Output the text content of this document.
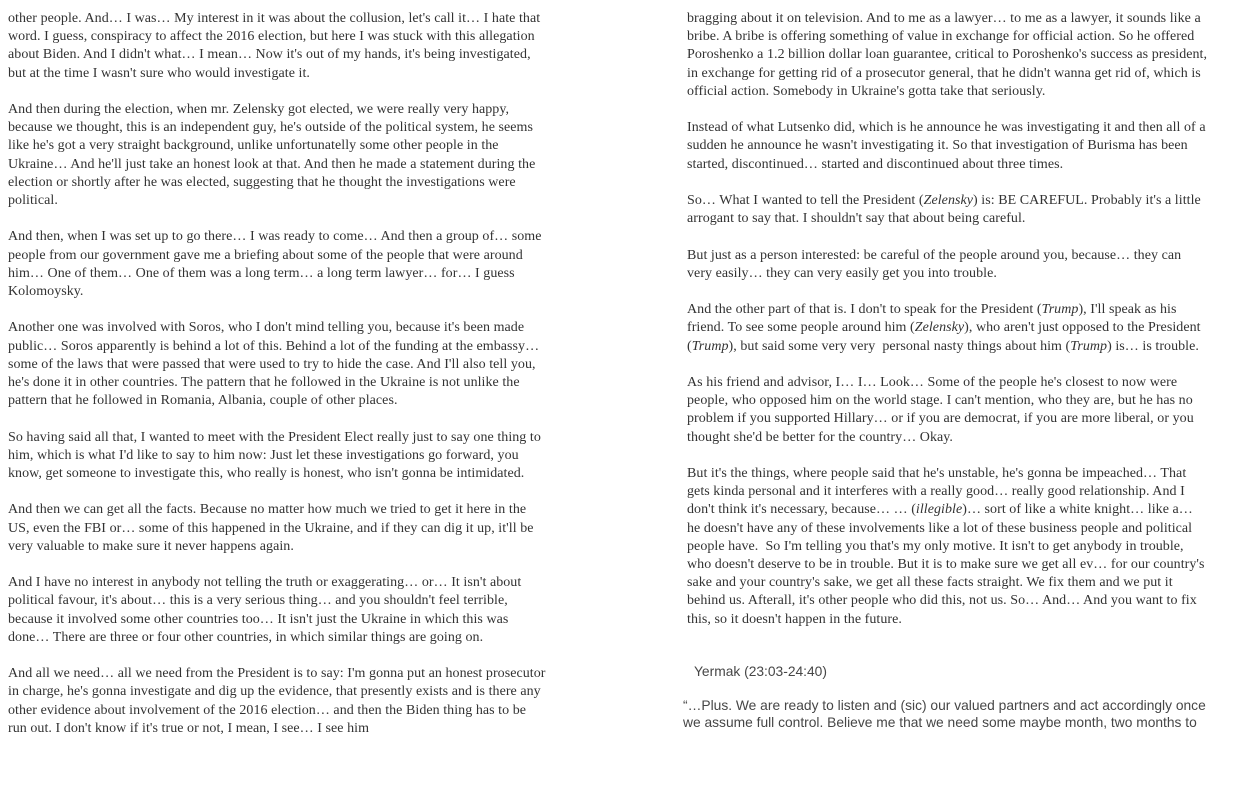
other people. And… I was… My interest in it was about the collusion, let's call it… I hate that word. I guess, conspiracy to affect the 2016 election, but here I was stuck with this allegation about Biden. And I didn't what… I mean… Now it's out of my hands, it's being investigated, but at the time I wasn't sure who would investigate it.

And then during the election, when mr. Zelensky got elected, we were really very happy, because we thought, this is an independent guy, he's outside of the political system, he seems like he's got a very straight background, unlike unfortunatelly some other people in the Ukraine… And he'll just take an honest look at that. And then he made a statement during the election or shortly after he was elected, suggesting that he thought the investigations were political.

And then, when I was set up to go there… I was ready to come… And then a group of… some people from our government gave me a briefing about some of the people that were around him… One of them… One of them was a long term… a long term lawyer… for… I guess Kolomoysky.

Another one was involved with Soros, who I don't mind telling you, because it's been made public… Soros apparently is behind a lot of this. Behind a lot of the funding at the embassy… some of the laws that were passed that were used to try to hide the case. And I'll also tell you, he's done it in other countries. The pattern that he followed in the Ukraine is not unlike the pattern that he followed in Romania, Albania, couple of other places.

So having said all that, I wanted to meet with the President Elect really just to say one thing to him, which is what I'd like to say to him now: Just let these investigations go forward, you know, get someone to investigate this, who really is honest, who isn't gonna be intimidated.

And then we can get all the facts. Because no matter how much we tried to get it here in the US, even the FBI or… some of this happened in the Ukraine, and if they can dig it up, it'll be very valuable to make sure it never happens again.

And I have no interest in anybody not telling the truth or exaggerating… or… It isn't about political favour, it's about… this is a very serious thing… and you shouldn't feel terrible, because it involved some other countries too… It isn't just the Ukraine in which this was done… There are three or four other countries, in which similar things are going on.

And all we need… all we need from the President is to say: I'm gonna put an honest prosecutor in charge, he's gonna investigate and dig up the evidence, that presently exists and is there any other evidence about involvement of the 2016 election… and then the Biden thing has to be run out. I don't know if it's true or not, I mean, I see… I see him

bragging about it on television. And to me as a lawyer… to me as a lawyer, it sounds like a bribe. A bribe is offering something of value in exchange for official action. So he offered Poroshenko a 1.2 billion dollar loan guarantee, critical to Poroshenko's success as president, in exchange for getting rid of a prosecutor general, that he didn't wanna get rid of, which is official action. Somebody in Ukraine's gotta take that seriously.

Instead of what Lutsenko did, which is he announce he was investigating it and then all of a sudden he announce he wasn't investigating it. So that investigation of Burisma has been started, discontinued… started and discontinued about three times.

So… What I wanted to tell the President (Zelensky) is: BE CAREFUL. Probably it's a little arrogant to say that. I shouldn't say that about being careful.

But just as a person interested: be careful of the people around you, because… they can very easily… they can very easily get you into trouble.

And the other part of that is. I don't to speak for the President (Trump), I'll speak as his friend. To see some people around him (Zelensky), who aren't just opposed to the President (Trump), but said some very very  personal nasty things about him (Trump) is… is trouble.

As his friend and advisor, I… I… Look… Some of the people he's closest to now were people, who opposed him on the world stage. I can't mention, who they are, but he has no problem if you supported Hillary… or if you are democrat, if you are more liberal, or you thought she'd be better for the country… Okay.

But it's the things, where people said that he's unstable, he's gonna be impeached… That gets kinda personal and it interferes with a really good… really good relationship. And I don't think it's necessary, because… … (illegible)… sort of like a white knight… like a… he doesn't have any of these involvements like a lot of these business people and political people have.  So I'm telling you that's my only motive. It isn't to get anybody in trouble, who doesn't deserve to be in trouble. But it is to make sure we get all ev… for our country's sake and your country's sake, we get all these facts straight. We fix them and we put it behind us. Afterall, it's other people who did this, not us. So… And… And you want to fix this, so it doesn't happen in the future.

Yermak (23:03-24:40)

“…Plus. We are ready to listen and (sic) our valued partners and act accordingly once we assume full control. Believe me that we need some maybe month, two months to
